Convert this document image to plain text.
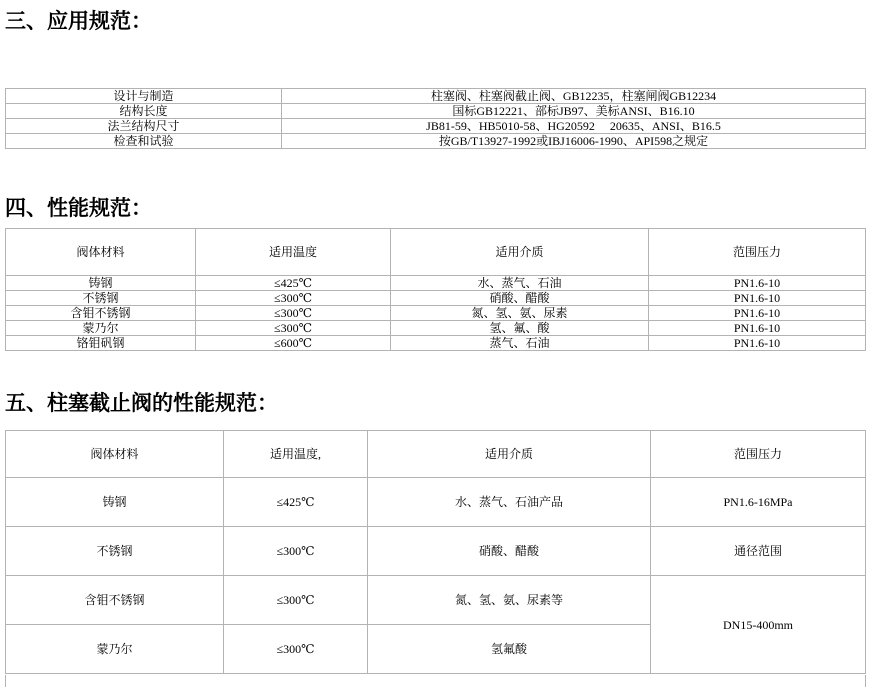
三、应用规范：
设计与制造	柱塞阀、柱塞阀截止阀、GB12235，柱塞闸阀GB12234
结构长度	国标GB12221、部标JB97、美标ANSI、B16.10
法兰结构尺寸	JB81-59、HB5010-58、HG20592　 20635、ANSI、B16.5
检查和试验	按GB/T13927-1992或IBJ16006-1990、API598之规定
四、性能规范：
阀体材料	适用温度	适用介质	范围压力
铸钢	≤425℃	水、蒸气、石油	PN1.6-10
不锈钢	≤300℃	硝酸、醋酸	PN1.6-10
含钼不锈钢	≤300℃	氮、氢、氨、尿素	PN1.6-10
蒙乃尔	≤300℃	氢、氟、酸	PN1.6-10
铬钼矾钢	≤600℃	蒸气、石油	PN1.6-10
五、柱塞截止阀的性能规范：
阀体材料	适用温度,	适用介质	范围压力
铸钢	≤425℃	水、蒸气、石油产品	PN1.6-16MPa
不锈钢	≤300℃	硝酸、醋酸	通径范围
含钼不锈钢	≤300℃	氮、氢、氨、尿素等	DN15-400mm
蒙乃尔	≤300℃	氢氟酸	
